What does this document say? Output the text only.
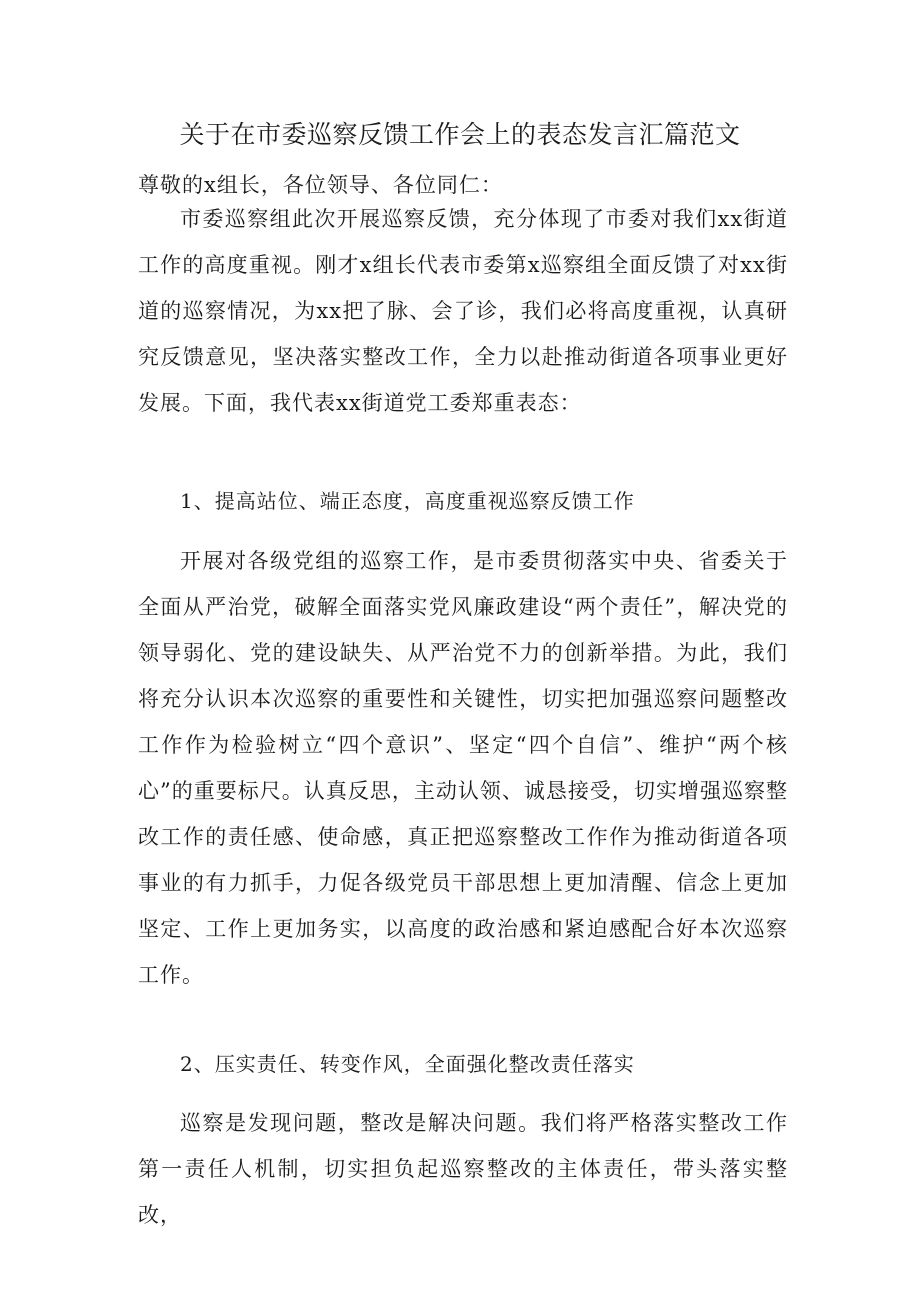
关于在市委巡察反馈工作会上的表态发言汇篇范文

尊敬的x组长，各位领导、各位同仁：

市委巡察组此次开展巡察反馈，充分体现了市委对我们xx街道工作的高度重视。刚才x组长代表市委第x巡察组全面反馈了对xx街道的巡察情况，为xx把了脉、会了诊，我们必将高度重视，认真研究反馈意见，坚决落实整改工作，全力以赴推动街道各项事业更好发展。下面，我代表xx街道党工委郑重表态：

1、提高站位、端正态度，高度重视巡察反馈工作

开展对各级党组的巡察工作，是市委贯彻落实中央、省委关于全面从严治党，破解全面落实党风廉政建设“两个责任”，解决党的领导弱化、党的建设缺失、从严治党不力的创新举措。为此，我们将充分认识本次巡察的重要性和关键性，切实把加强巡察问题整改工作作为检验树立“四个意识”、坚定“四个自信”、维护“两个核心”的重要标尺。认真反思，主动认领、诚恳接受，切实增强巡察整改工作的责任感、使命感，真正把巡察整改工作作为推动街道各项事业的有力抓手，力促各级党员干部思想上更加清醒、信念上更加坚定、工作上更加务实，以高度的政治感和紧迫感配合好本次巡察工作。

2、压实责任、转变作风，全面强化整改责任落实

巡察是发现问题，整改是解决问题。我们将严格落实整改工作第一责任人机制，切实担负起巡察整改的主体责任，带头落实整改，
